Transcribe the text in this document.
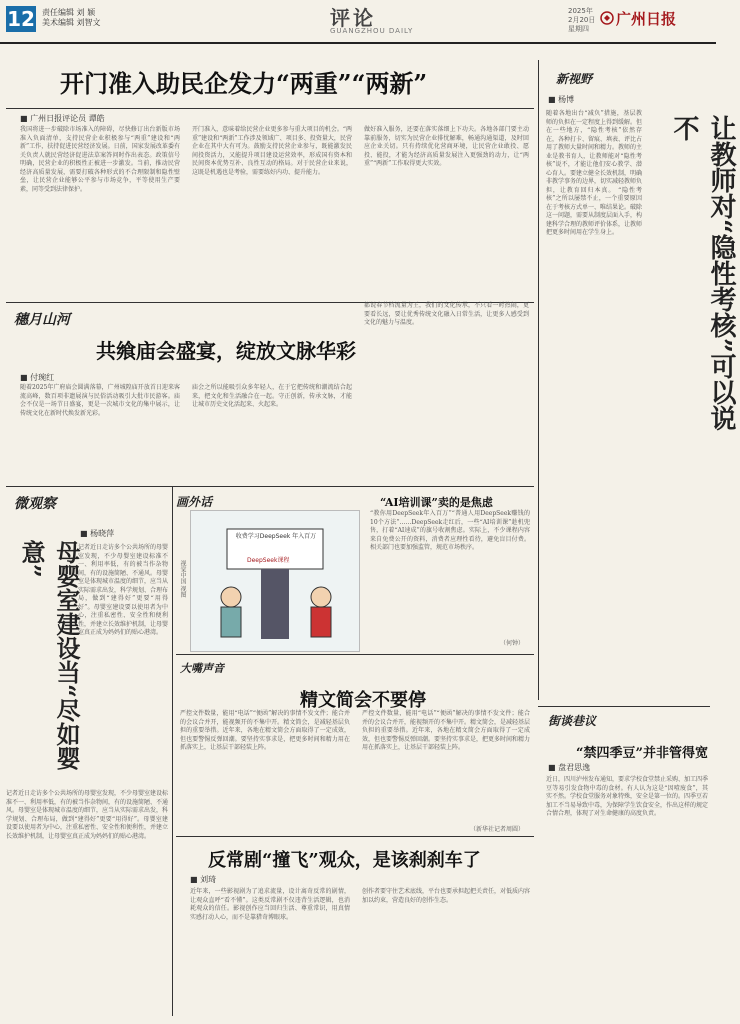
12 责任编辑 刘 颖
美术编辑 刘智文	评论
GUANGZHOU DAILY
2025年
2月20日
星期四
广州日报
开门准入助民企发力“两重”“两新”
■ 广州日报评论员 谭皓
我国将进一步破除市场准入的障碍，尽快修订出台新版市场准入负面清单，支持民营企业积极参与“两重”建设和“两新”工作，扶持促进民营经济发展。日前，国家发展改革委有关负责人就民营经济促进法草案答问时作出表态。政策信号明确，民营企业的积极性正被进一步激发。当前，推动民营经济高质量发展，需要打破各种形式的不合理限制和隐性壁垒，让民营企业能够公平参与市场竞争，平等使用生产要素，同等受到法律保护。
开门准入，意味着给民营企业更多参与重大项目的机会。“两重”建设和“两新”工作涉及领域广、项目多、投资量大，民营企业在其中大有可为。鼓励支持民营企业参与，既能激发民间投资活力，又能提升项目建设运营效率，形成国有资本和民间资本优势互补、良性互动的格局。对于民营企业来说，这既是机遇也是考验，需要练好内功、提升能力。
做好准入服务，还要在落实落细上下功夫。各地各部门要主动靠前服务，切实为民营企业排忧解难，畅通沟通渠道，及时回应企业关切。只有持续优化营商环境，让民营企业敢投、愿投、能投，才能为经济高质量发展注入更强劲的动力，让“两重”“两新”工作取得更大实效。
新视野
■ 杨博
随着各地出台“减负”措施，基层教师的负担在一定程度上得到缓解。但在一些地方，“隐性考核”依然存在，各种打卡、留痕、填表、评比占用了教师大量时间和精力。教师的主业是教书育人，让教师能对“隐性考核”说不，才能让他们安心教学、潜心育人。要建立健全长效机制，明确非教学事务的边界，切实减轻教师负担，让教育回归本真。 “隐性考核”之所以屡禁不止，一个重要原因在于考核方式单一、唯结果论。破除这一问题，需要从制度层面入手，构建科学合理的教师评价体系，让教师把更多时间用在学生身上。	让教师对“隐性考核”可以说不
穗月山河
共飨庙会盛宴，绽放文脉华彩
■ 付琬红
随着2025年广府庙会圆满落幕，广州城隍庙开放首日迎来客流高峰，数百项非遗展演与民俗活动吸引大批市民游客。庙会不仅是一场节日盛宴，更是一次城市文化的集中展示，让传统文化在新时代焕发新光彩。
庙会之所以能吸引众多年轻人，在于它把传统和潮流结合起来，把文化和生活融合在一起。守正创新，传承文脉，才能让城市历史文化活起来、火起来。
都说春节档流量为王，我们的文化传承，不只看一时热闹，更要看长远，要让优秀传统文化融入日常生活，让更多人感受到文化的魅力与温度。
微观察
母婴室建设当“尽如婴意”
■ 杨晓萍
记者近日走访多个公共场所的母婴室发现，不少母婴室建设标准不一、利用率低，有的被当作杂物间，有的设施简陋、不通风。母婴室是体现城市温度的细节，应当从实际需求出发，科学规划、合理布局，做到“建得好”更要“用得好”。母婴室建设要以使用者为中心，注重私密性、安全性和便利性，并建立长效维护机制，让母婴室真正成为妈妈们的贴心港湾。
记者近日走访多个公共场所的母婴室发现，不少母婴室建设标准不一、利用率低，有的被当作杂物间，有的设施简陋、不通风。母婴室是体现城市温度的细节，应当从实际需求出发，科学规划、合理布局，做到“建得好”更要“用得好”。母婴室建设要以使用者为中心，注重私密性、安全性和便利性，并建立长效维护机制，让母婴室真正成为妈妈们的贴心港湾。
画外话
收费学习DeepSeek 年入百万
DeepSeek课程
视觉中国 视图
“AI培训课”卖的是焦虑
“教你用DeepSeek年入百万”“普通人用DeepSeek赚钱的10个方法”……DeepSeek走红后，一些“AI培训课”趁机兜售，打着“AI速成”的旗号收割焦虑。实际上，不少课程内容来自免费公开的资料，消费者应理性看待，避免盲目付费。相关部门也要加强监管，规范市场秩序。
（何钟）
大嘴声音
精文简会不要停
严控文件数量，能用“电话”“便函”解决的事情不发文件；能合并的会议合并开，能视频开的不集中开。精文简会，是减轻基层负担的重要举措。近年来，各地在精文简会方面取得了一定成效，但也要警惕反弹回潮。要坚持实事求是，把更多时间和精力用在抓落实上，让基层干部轻装上阵。
严控文件数量，能用“电话”“便函”解决的事情不发文件；能合并的会议合并开，能视频开的不集中开。精文简会，是减轻基层负担的重要举措。近年来，各地在精文简会方面取得了一定成效，但也要警惕反弹回潮。要坚持实事求是，把更多时间和精力用在抓落实上，让基层干部轻装上阵。
（新华社记者周圆）
反常剧“撞飞”观众，是该刹刹车了
■ 刘琦
近年来，一些影视剧为了追求流量，设计离奇反常的剧情，让观众直呼“看不懂”。这类反常剧不仅违背生活逻辑，也消耗观众的信任。影视创作应当回归生活、尊重常识，用真情实感打动人心，而不是靠猎奇博眼球。
创作者要守住艺术底线，平台也要承担起把关责任，对低质内容加以约束，营造良好的创作生态。
街谈巷议
“禁四季豆”并非管得宽
■ 盘君思逸
近日，四川泸州发布通知，要求学校食堂禁止采购、加工四季豆等易引发食物中毒的食材。有人认为这是“因噎废食”，其实不然。学校食堂服务对象特殊，安全是第一位的。四季豆若加工不当易导致中毒，为保障学生饮食安全，作出这样的规定合情合理，体现了对生命健康的高度负责。
